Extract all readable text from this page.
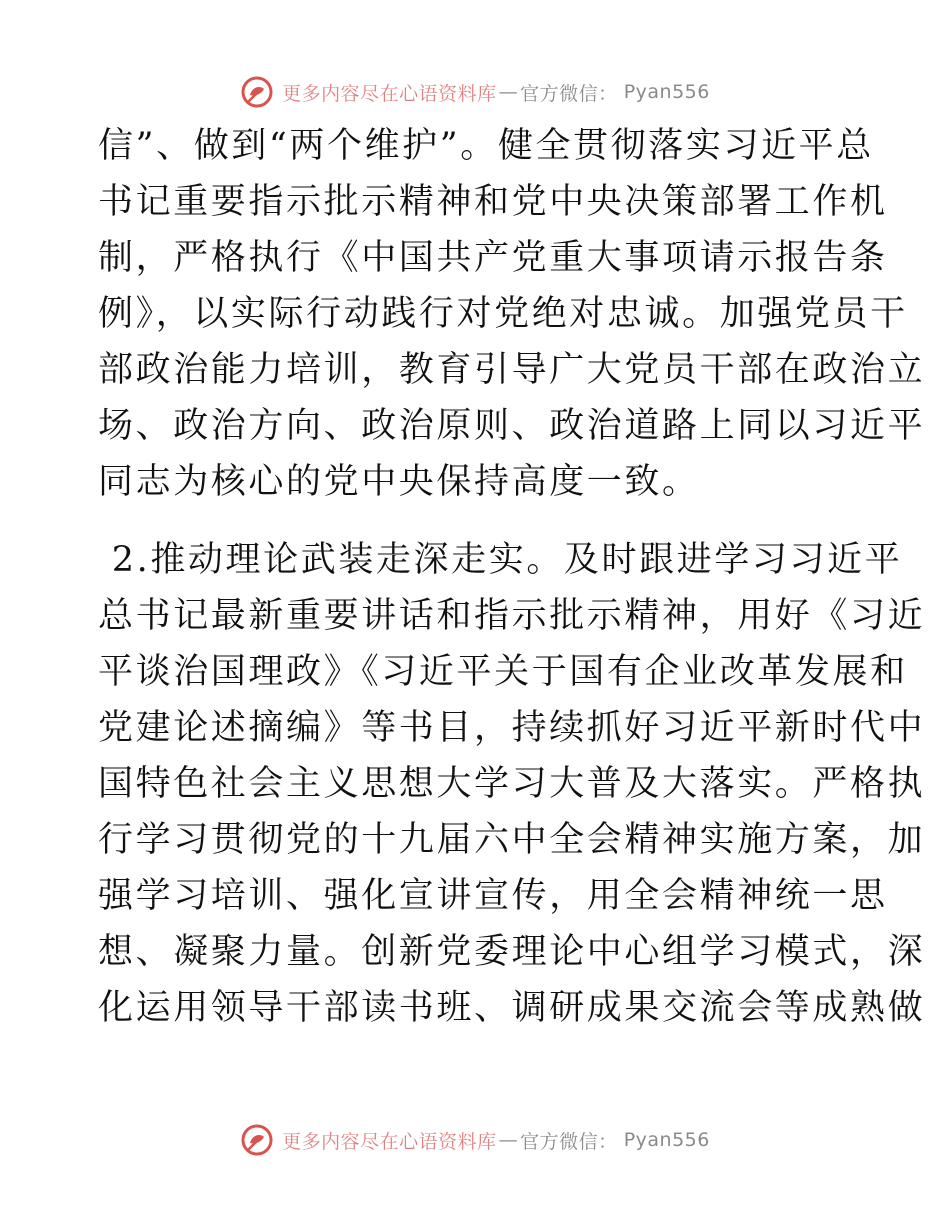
更多内容尽在心语资料库 — 官方微信： Pyan556
信”、做到“两个维护”。健全贯彻落实习近平总
书记重要指示批示精神和党中央决策部署工作机
制，严格执行《中国共产党重大事项请示报告条
例》，以实际行动践行对党绝对忠诚。加强党员干
部政治能力培训，教育引导广大党员干部在政治立
场、政治方向、政治原则、政治道路上同以习近平
同志为核心的党中央保持高度一致。
2.推动理论武装走深走实。及时跟进学习习近平
总书记最新重要讲话和指示批示精神，用好《习近
平谈治国理政》《习近平关于国有企业改革发展和
党建论述摘编》等书目，持续抓好习近平新时代中
国特色社会主义思想大学习大普及大落实。严格执
行学习贯彻党的十九届六中全会精神实施方案，加
强学习培训、强化宣讲宣传，用全会精神统一思
想、凝聚力量。创新党委理论中心组学习模式，深
化运用领导干部读书班、调研成果交流会等成熟做
更多内容尽在心语资料库 — 官方微信： Pyan556
